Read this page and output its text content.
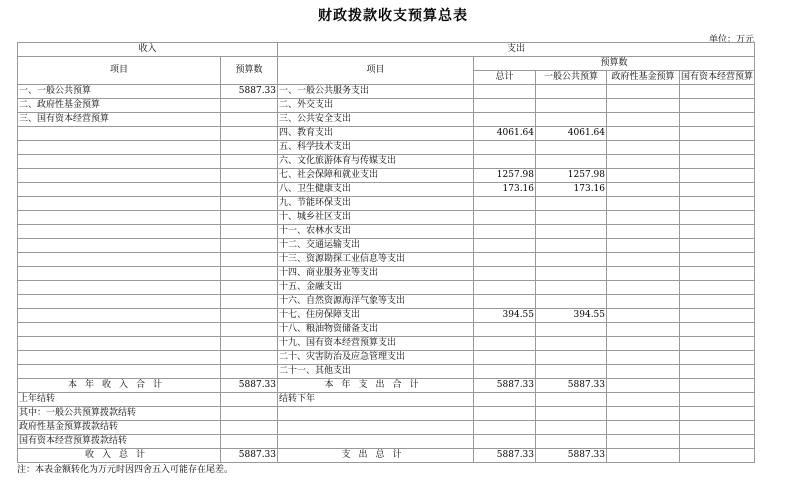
财政拨款收支预算总表
单位：万元
收入		支出				
项目	预算数	项目	预算数			
			总计	一般公共预算	政府性基金预算	国有资本经营预算
一、一般公共预算	5887.33	一、一般公共服务支出				
二、政府性基金预算		二、外交支出				
三、国有资本经营预算		三、公共安全支出				
		四、教育支出	4061.64	4061.64		
		五、科学技术支出				
		六、文化旅游体育与传媒支出				
		七、社会保障和就业支出	1257.98	1257.98		
		八、卫生健康支出	173.16	173.16		
		九、节能环保支出				
		十、城乡社区支出				
		十一、农林水支出				
		十二、交通运输支出				
		十三、资源勘探工业信息等支出				
		十四、商业服务业等支出				
		十五、金融支出				
		十六、自然资源海洋气象等支出				
		十七、住房保障支出	394.55	394.55		
		十八、粮油物资储备支出				
		十九、国有资本经营预算支出				
		二十、灾害防治及应急管理支出				
		二十一、其他支出				
本年收入合计	5887.33	本年支出合计	5887.33	5887.33		
上年结转		结转下年				
其中：一般公共预算拨款结转						
政府性基金预算拨款结转						
国有资本经营预算拨款结转						
收入总计	5887.33	支出总计	5887.33	5887.33		
注：本表金额转化为万元时因四舍五入可能存在尾差。
